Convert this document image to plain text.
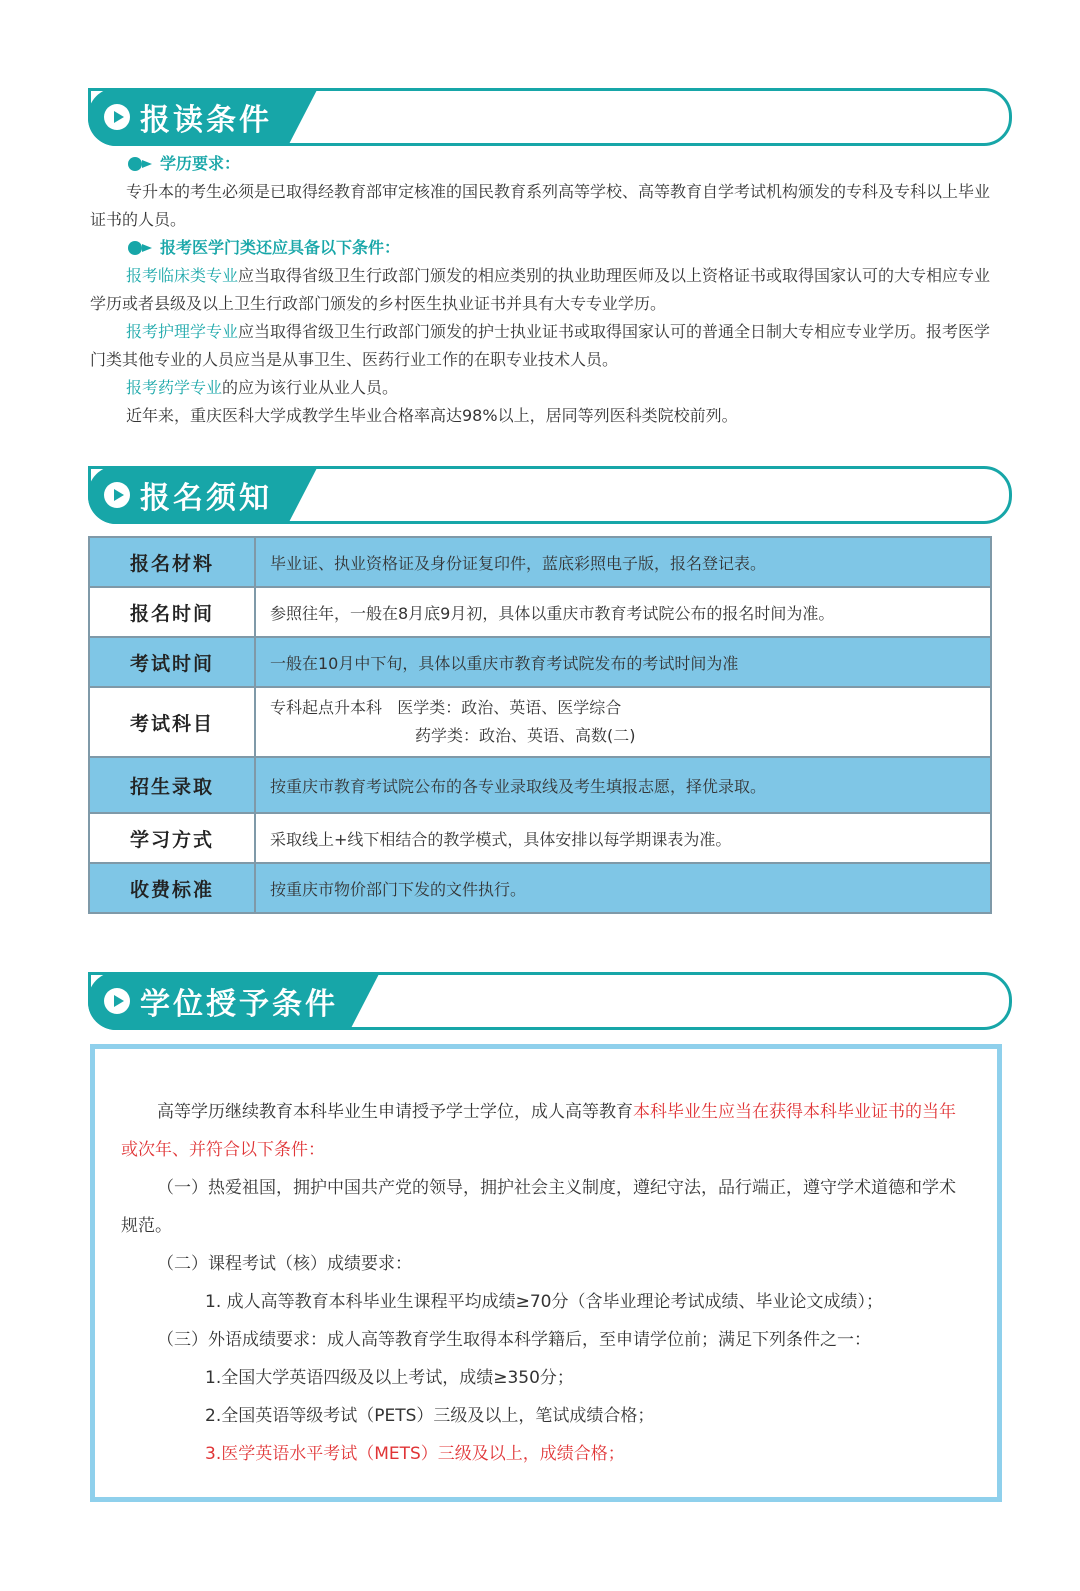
报读条件
学历要求：
专升本的考生必须是已取得经教育部审定核准的国民教育系列高等学校、高等教育自学考试机构颁发的专科及专科以上毕业证书的人员。
报考医学门类还应具备以下条件：
报考临床类专业应当取得省级卫生行政部门颁发的相应类别的执业助理医师及以上资格证书或取得国家认可的大专相应专业学历或者县级及以上卫生行政部门颁发的乡村医生执业证书并具有大专专业学历。
报考护理学专业应当取得省级卫生行政部门颁发的护士执业证书或取得国家认可的普通全日制大专相应专业学历。报考医学门类其他专业的人员应当是从事卫生、医药行业工作的在职专业技术人员。
报考药学专业的应为该行业从业人员。
近年来，重庆医科大学成教学生毕业合格率高达98%以上，居同等列医科类院校前列。
报名须知
报名材料	毕业证、执业资格证及身份证复印件，蓝底彩照电子版，报名登记表。
报名时间	参照往年，一般在8月底9月初，具体以重庆市教育考试院公布的报名时间为准。
考试时间	一般在10月中下旬，具体以重庆市教育考试院发布的考试时间为准
考试科目	专科起点升本科   医学类：政治、英语、医学综合
药学类：政治、英语、高数(二)

招生录取	按重庆市教育考试院公布的各专业录取线及考生填报志愿，择优录取。
学习方式	采取线上+线下相结合的教学模式，具体安排以每学期课表为准。
收费标准	按重庆市物价部门下发的文件执行。
学位授予条件
高等学历继续教育本科毕业生申请授予学士学位，成人高等教育本科毕业生应当在获得本科毕业证书的当年或次年、并符合以下条件：
（一）热爱祖国，拥护中国共产党的领导，拥护社会主义制度，遵纪守法，品行端正，遵守学术道德和学术规范。
（二）课程考试（核）成绩要求：
1. 成人高等教育本科毕业生课程平均成绩≥70分（含毕业理论考试成绩、毕业论文成绩）；
（三）外语成绩要求：成人高等教育学生取得本科学籍后，至申请学位前；满足下列条件之一：
1.全国大学英语四级及以上考试，成绩≥350分；
2.全国英语等级考试（PETS）三级及以上，笔试成绩合格；
3.医学英语水平考试（METS）三级及以上，成绩合格；
